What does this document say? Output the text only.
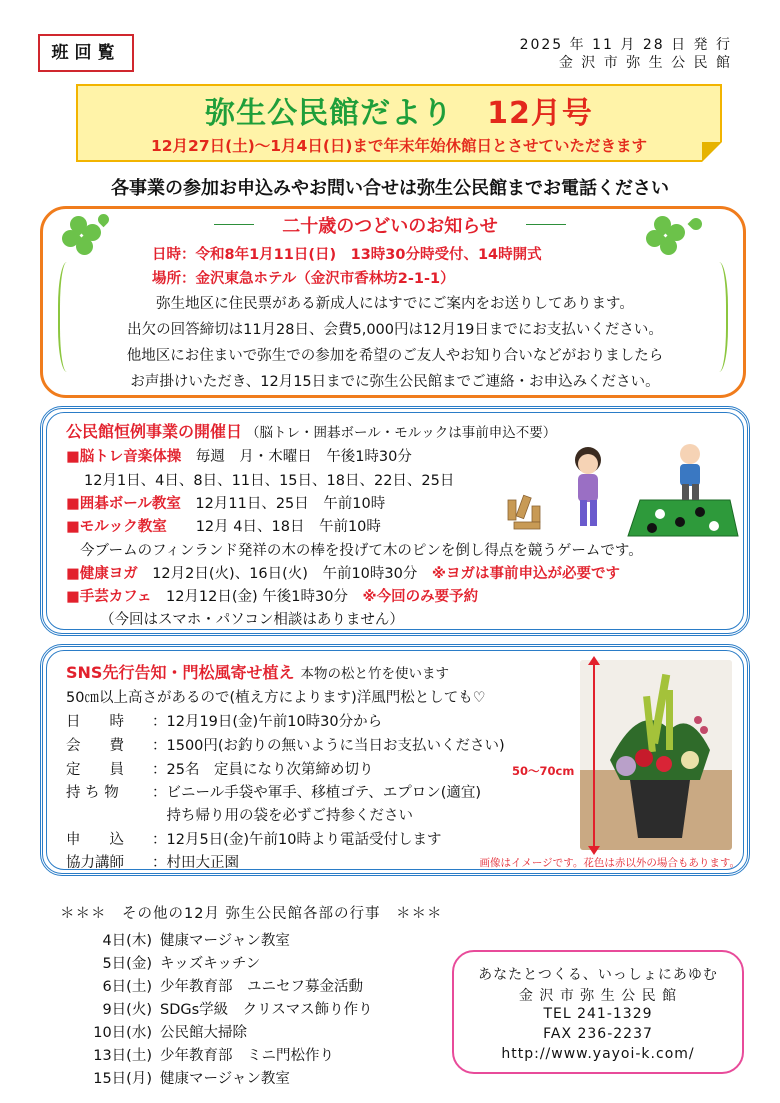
班回覧	2025 年 11 月 28 日 発 行
金 沢 市 弥 生 公 民 館
弥生公民館だより 12月号
12月27日(土)～1月4日(日)まで年末年始休館日とさせていただきます
各事業の参加お申込みやお問い合せは弥生公民館までお電話ください
二十歳のつどいのお知らせ
日時：令和8年1月11日(日)　13時30分時受付、14時開式
場所：金沢東急ホテル（金沢市香林坊2-1-1）
弥生地区に住民票がある新成人にはすでにご案内をお送りしてあります。
出欠の回答締切は11月28日、会費5,000円は12月19日までにお支払いください。
他地区にお住まいで弥生での参加を希望のご友人やお知り合いなどがおりましたら
お声掛けいただき、12月15日までに弥生公民館までご連絡・お申込みください。
公民館恒例事業の開催日 （脳トレ・囲碁ボール・モルックは事前申込不要）
■脳トレ音楽体操　 毎週　月・木曜日　午後1時30分
12月1日、4日、8日、11日、15日、18日、22日、25日
■囲碁ボール教室　 12月11日、25日　午前10時
■モルック教室　　 12月 4日、18日　午前10時
今ブームのフィンランド発祥の木の棒を投げて木のピンを倒し得点を競うゲームです。
■健康ヨガ　 12月2日(火)、16日(火)　午前10時30分　 ※ヨガは事前申込が必要です
■手芸カフェ　 12月12日(金) 午後1時30分　 ※今回のみ要予約
（今回はスマホ・パソコン相談はありません）
SNS先行告知・門松風寄せ植え 本物の松と竹を使います
50㎝以上高さがあるので(植え方によります)洋風門松としても♡
日　　時 ：12月19日(金)午前10時30分から
会　　費 ：1500円(お釣りの無いように当日お支払いください)
定　　員 ：25名　定員になり次第締め切り
持 ち 物 ：ビニール手袋や軍手、移植ゴテ、エプロン(適宜)
　持ち帰り用の袋を必ずご持参ください
申　　込 ：12月5日(金)午前10時より電話受付します
協力講師 ：村田大正園
50～70cm
画像はイメージです。花色は赤以外の場合もあります。
＊＊＊　その他の12月 弥生公民館各部の行事　＊＊＊
4日(木) 健康マージャン教室
5日(金) キッズキッチン
6日(土) 少年教育部　ユニセフ募金活動
9日(火) SDGs学級　クリスマス飾り作り
10日(水) 公民館大掃除
13日(土) 少年教育部　ミニ門松作り
15日(月) 健康マージャン教室
あなたとつくる、いっしょにあゆむ
金 沢 市 弥 生 公 民 館
TEL 241-1329
FAX 236-2237
http://www.yayoi-k.com/
